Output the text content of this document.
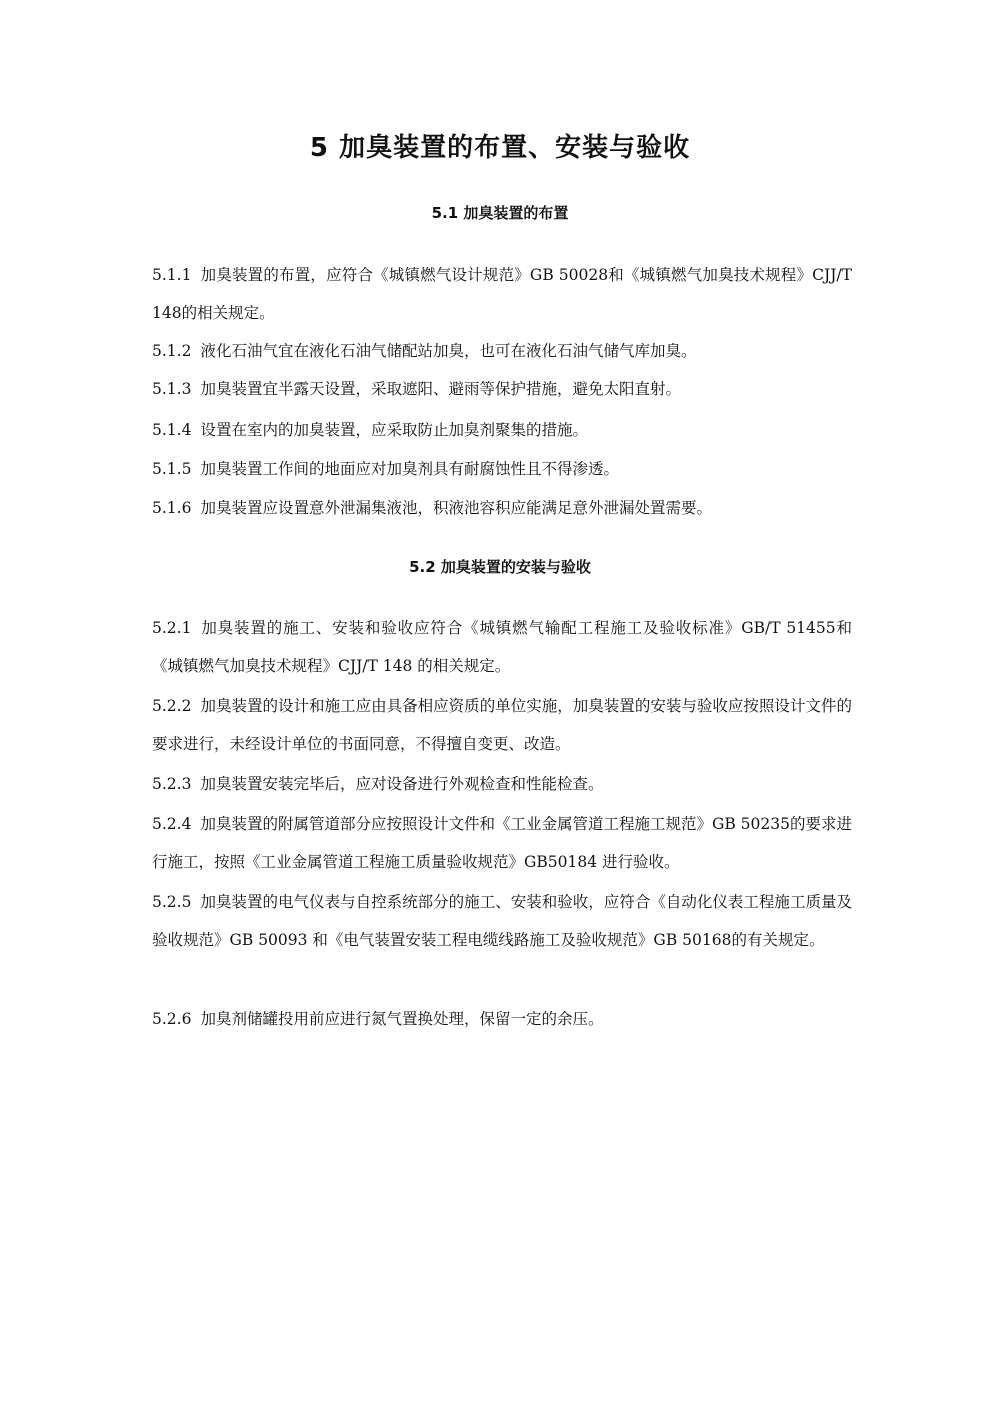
5 加臭装置的布置、安装与验收
5.1 加臭装置的布置

5.1.1 加臭装置的布置，应符合《城镇燃气设计规范》GB 50028和《城镇燃气加臭技术规程》CJJ/T 148的相关规定。

5.1.2 液化石油气宜在液化石油气储配站加臭，也可在液化石油气储气库加臭。

5.1.3 加臭装置宜半露天设置，采取遮阳、避雨等保护措施，避免太阳直射。

5.1.4 设置在室内的加臭装置，应采取防止加臭剂聚集的措施。

5.1.5 加臭装置工作间的地面应对加臭剂具有耐腐蚀性且不得渗透。

5.1.6 加臭装置应设置意外泄漏集液池，积液池容积应能满足意外泄漏处置需要。

5.2 加臭装置的安装与验收

5.2.1 加臭装置的施工、安装和验收应符合《城镇燃气输配工程施工及验收标准》GB/T 51455和《城镇燃气加臭技术规程》CJJ/T 148 的相关规定。

5.2.2 加臭装置的设计和施工应由具备相应资质的单位实施，加臭装置的安装与验收应按照设计文件的要求进行，未经设计单位的书面同意，不得擅自变更、改造。

5.2.3 加臭装置安装完毕后，应对设备进行外观检查和性能检查。

5.2.4 加臭装置的附属管道部分应按照设计文件和《工业金属管道工程施工规范》GB 50235的要求进行施工，按照《工业金属管道工程施工质量验收规范》GB50184 进行验收。

5.2.5 加臭装置的电气仪表与自控系统部分的施工、安装和验收，应符合《自动化仪表工程施工质量及验收规范》GB 50093 和《电气装置安装工程电缆线路施工及验收规范》GB 50168的有关规定。

5.2.6 加臭剂储罐投用前应进行氮气置换处理，保留一定的余压。
